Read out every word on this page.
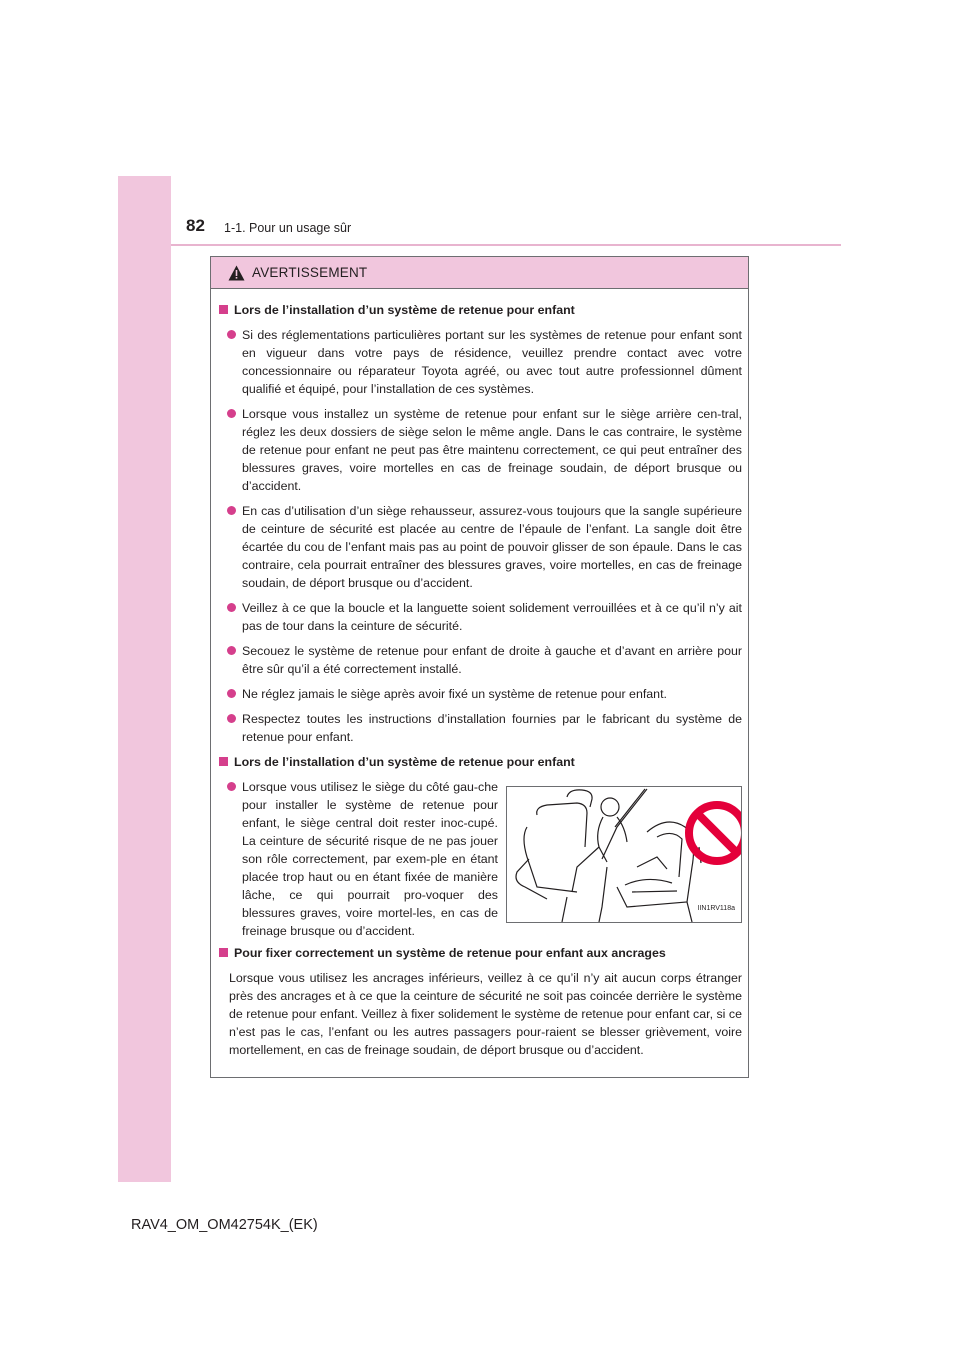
82 1-1. Pour un usage sûr
AVERTISSEMENT
Lors de l’installation d’un système de retenue pour enfant
Si des réglementations particulières portant sur les systèmes de retenue pour enfant sont en vigueur dans votre pays de résidence, veuillez prendre contact avec votre concessionnaire ou réparateur Toyota agréé, ou avec tout autre professionnel dûment qualifié et équipé, pour l’installation de ces systèmes.
Lorsque vous installez un système de retenue pour enfant sur le siège arrière cen-tral, réglez les deux dossiers de siège selon le même angle. Dans le cas contraire, le système de retenue pour enfant ne peut pas être maintenu correctement, ce qui peut entraîner des blessures graves, voire mortelles en cas de freinage soudain, de déport brusque ou d’accident.
En cas d’utilisation d’un siège rehausseur, assurez-vous toujours que la sangle supérieure de ceinture de sécurité est placée au centre de l’épaule de l’enfant. La sangle doit être écartée du cou de l’enfant mais pas au point de pouvoir glisser de son épaule. Dans le cas contraire, cela pourrait entraîner des blessures graves, voire mortelles, en cas de freinage soudain, de déport brusque ou d’accident.
Veillez à ce que la boucle et la languette soient solidement verrouillées et à ce qu’il n’y ait pas de tour dans la ceinture de sécurité.
Secouez le système de retenue pour enfant de droite à gauche et d’avant en arrière pour être sûr qu’il a été correctement installé.
Ne réglez jamais le siège après avoir fixé un système de retenue pour enfant.
Respectez toutes les instructions d’installation fournies par le fabricant du système de retenue pour enfant.
Lors de l’installation d’un système de retenue pour enfant
Lorsque vous utilisez le siège du côté gau-che pour installer le système de retenue pour enfant, le siège central doit rester inoc-cupé. La ceinture de sécurité risque de ne pas jouer son rôle correctement, par exem-ple en étant placée trop haut ou en étant fixée de manière lâche, ce qui pourrait pro-voquer des blessures graves, voire mortel-les, en cas de freinage brusque ou d’accident.
IIN1RV118a
Pour fixer correctement un système de retenue pour enfant aux ancrages
Lorsque vous utilisez les ancrages inférieurs, veillez à ce qu’il n’y ait aucun corps étranger près des ancrages et à ce que la ceinture de sécurité ne soit pas coincée derrière le système de retenue pour enfant. Veillez à fixer solidement le système de retenue pour enfant car, si ce n’est pas le cas, l’enfant ou les autres passagers pour-raient se blesser grièvement, voire mortellement, en cas de freinage soudain, de déport brusque ou d’accident.
RAV4_OM_OM42754K_(EK)
